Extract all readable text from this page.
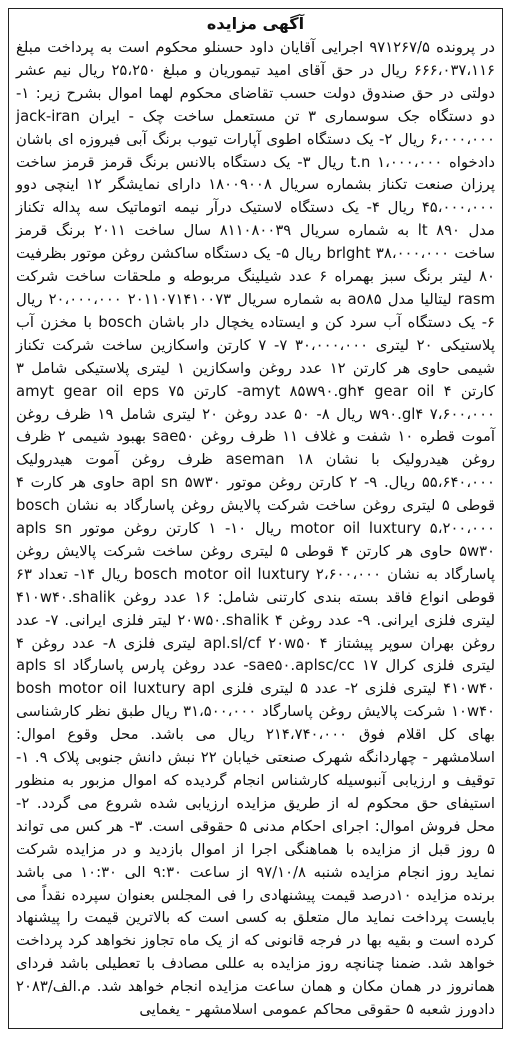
آگهی مزایده

در پرونده ۹۷۱۲۶۷/۵ اجرایی آقایان داود حسنلو محکوم است به پرداخت مبلغ ۶۶۶،۰۳۷،۱۱۶ ریال در حق آقای امید تیموریان و مبلغ ۲۵،۲۵۰ ریال نیم عشر دولتی در حق صندوق دولت حسب تقاضای محکوم لهما اموال بشرح زیر: ۱- دو دستگاه جک سوسماری ۳ تن مستعمل ساخت چک - ایران jack-iran ۶،۰۰۰،۰۰۰ ریال ۲- یک دستگاه اطوی آپارات تیوب برنگ آبی فیروزه ای باشان دادخواه t.n ۱،۰۰۰،۰۰۰ ریال ۳- یک دستگاه بالانس برنگ قرمز قرمز ساخت پرزان صنعت تکناز بشماره سریال ۱۸۰۰۹۰۰۸ دارای نمایشگر ۱۲ اینچی دوو ۴۵،۰۰۰،۰۰۰ ریال ۴- یک دستگاه لاستیک درآر نیمه اتوماتیک سه پداله تکناز مدل lt ۸۹۰ به شماره سریال ۸۱۱۰۸۰۰۳۹ سال ساخت ۲۰۱۱ برنگ قرمز ساخت brlght ۳۸،۰۰۰،۰۰۰ ریال ۵- یک دستگاه ساکشن روغن موتور بظرفیت ۸۰ لیتر برنگ سبز بهمراه ۶ عدد شیلینگ مربوطه و ملحقات ساخت شرکت rasm لیتالیا مدل ao۸۵ به شماره سریال ۲۰۱۱۰۷۱۴۱۰۰۷۳ ۲۰،۰۰۰،۰۰۰ ریال ۶- یک دستگاه آب سرد کن و ایستاده یخچال دار باشان bosch با مخزن آب پلاستیکی ۲۰ لیتری ۳۰،۰۰۰،۰۰۰ ۷- ۷ کارتن واسکازین ساخت شرکت تکناز شیمی حاوی هر کارتن ۱۲ عدد روغن واسکازین ۱ لیتری پلاستیکی شامل ۳ کارتن amyt ۸۵w۹۰.gh۴ gear oil ۴- کارتن amyt gear oil eps ۷۵ w۹۰.gl۴ ۷،۶۰۰،۰۰۰ ریال ۸- ۵۰ عدد روغن ۲۰ لیتری شامل ۱۹ ظرف روغن آموت قطره ۱۰ شفت و غلاف ۱۱ ظرف روغن sae۵۰ بهبود شیمی ۲ ظرف روغن هیدرولیک با نشان aseman ۱۸ ظرف روغن آموت هیدرولیک ۵۵،۶۴۰،۰۰۰ ریال. ۹- ۲ کارتن روغن موتور apl sn ۵w۳۰ حاوی هر کارت ۴ قوطی ۵ لیتری روغن ساخت شرکت پالایش روغن پاسارگاد به نشان bosch motor oil luxtury ۵،۲۰۰،۰۰۰ ریال ۱۰- ۱ کارتن روغن موتور apls sn ۵w۳۰ حاوی هر کارتن ۴ قوطی ۵ لیتری روغن ساخت شرکت پالایش روغن پاسارگاد به نشان bosch motor oil luxtury ۲،۶۰۰،۰۰۰ ریال ۱۴- تعداد ۶۳ قوطی انواع فاقد بسته بندی کارتنی شامل: ۱۶ عدد روغن ۴۱۰w۴۰.shalik لیتری فلزی ایرانی. ۹- عدد روغن ۲۰w۵۰.shalik ۴ لیتر فلزی ایرانی. ۷- عدد روغن بهران سوپر پیشتاز apl.sl/cf ۲۰w۵۰ ۴ لیتری فلزی ۸- عدد روغن ۴ لیتری فلزی کرال sae۵۰.aplsc/cc ۱۷- عدد روغن پارس پاسارگاد apls sl ۴۱۰w۴۰ لیتری فلزی ۲- عدد ۵ لیتری فلزی bosh motor oil luxtury apl ۱۰w۴۰ شرکت پالایش روغن پاسارگاد ۳۱،۵۰۰،۰۰۰ ریال طبق نظر کارشناسی بهای کل اقلام فوق ۲۱۴،۷۴۰،۰۰۰ ریال می باشد. محل وقوع اموال: اسلامشهر - چهاردانگه شهرک صنعتی خیابان ۲۲ نبش دانش جنوبی پلاک ۹. ۱- توقیف و ارزیابی آنبوسیله کارشناس انجام گردیده که اموال مزبور به منظور استیفای حق محکوم له از طریق مزایده ارزیابی شده شروع می گردد. ۲- محل فروش اموال: اجرای احکام مدنی ۵ حقوقی است. ۳- هر کس می تواند ۵ روز قبل از مزایده با هماهنگی اجرا از اموال بازدید و در مزایده شرکت نماید روز انجام مزایده شنبه ۹۷/۱۰/۸ از ساعت ۹:۳۰ الی ۱۰:۳۰ می باشد برنده مزایده ۱۰درصد قیمت پیشنهادی را فی المجلس بعنوان سپرده نقداً می بایست پرداخت نماید مال متعلق به کسی است که بالاترین قیمت را پیشنهاد کرده است و بقیه بها در فرجه قانونی که از یک ماه تجاوز نخواهد کرد پرداخت خواهد شد. ضمنا چنانچه روز مزایده به عللی مصادف با تعطیلی باشد فردای همانروز در همان مکان و همان ساعت مزایده انجام خواهد شد. م.الف/۲۰۸۳ دادورز شعبه ۵ حقوقی محاکم عمومی اسلامشهر - یغمایی
